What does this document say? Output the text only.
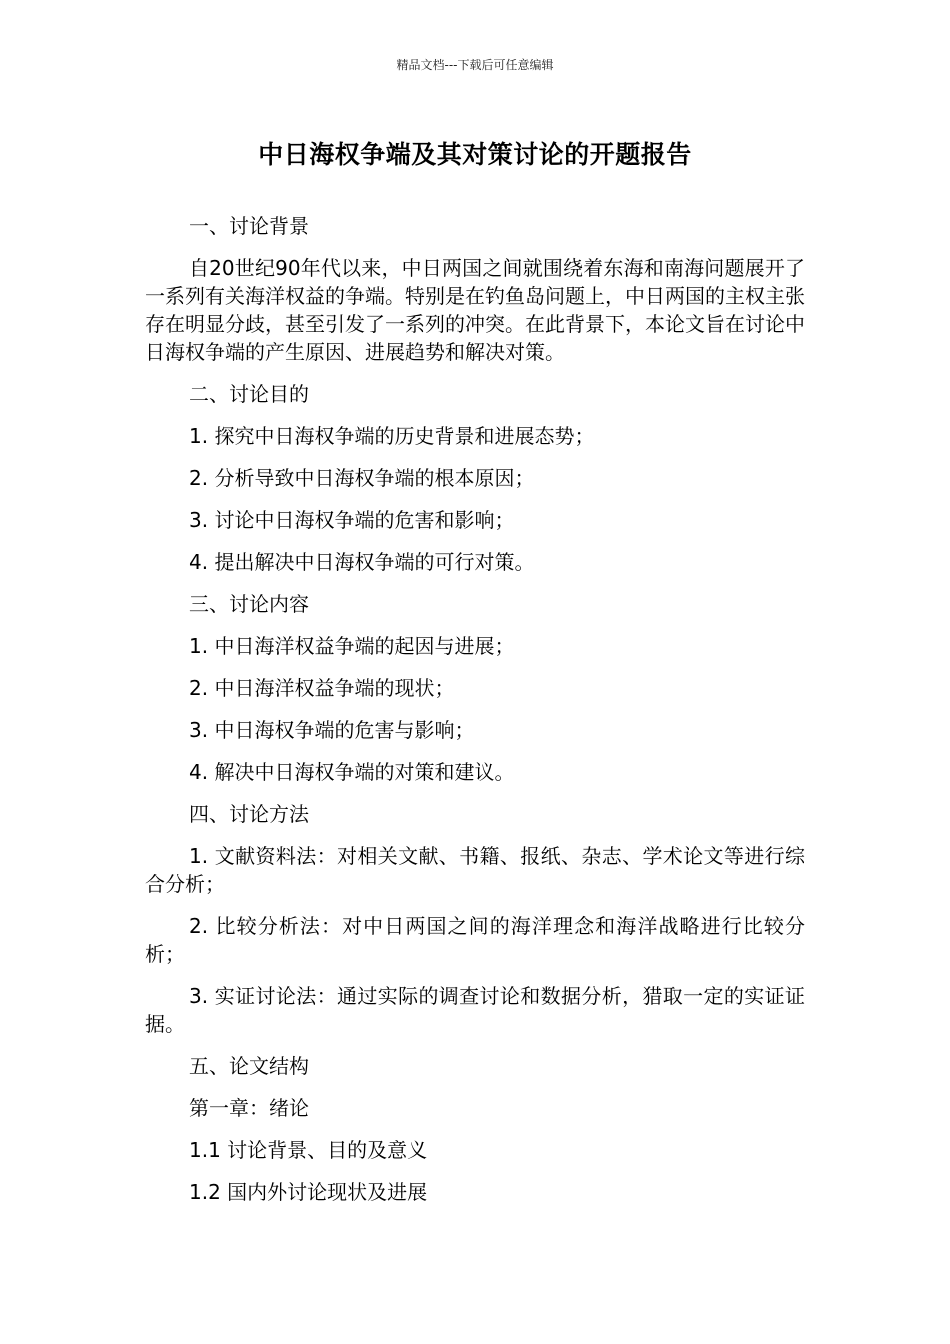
精品文档---下载后可任意编辑
中日海权争端及其对策讨论的开题报告

一、讨论背景

自20世纪90年代以来，中日两国之间就围绕着东海和南海问题展开了一系列有关海洋权益的争端。特别是在钓鱼岛问题上，中日两国的主权主张存在明显分歧，甚至引发了一系列的冲突。在此背景下，本论文旨在讨论中日海权争端的产生原因、进展趋势和解决对策。

二、讨论目的

1. 探究中日海权争端的历史背景和进展态势；

2. 分析导致中日海权争端的根本原因；

3. 讨论中日海权争端的危害和影响；

4. 提出解决中日海权争端的可行对策。

三、讨论内容

1. 中日海洋权益争端的起因与进展；

2. 中日海洋权益争端的现状；

3. 中日海权争端的危害与影响；

4. 解决中日海权争端的对策和建议。

四、讨论方法

1. 文献资料法：对相关文献、书籍、报纸、杂志、学术论文等进行综合分析；

2. 比较分析法：对中日两国之间的海洋理念和海洋战略进行比较分析；

3. 实证讨论法：通过实际的调查讨论和数据分析，猎取一定的实证证据。

五、论文结构

第一章：绪论

1.1 讨论背景、目的及意义

1.2 国内外讨论现状及进展
